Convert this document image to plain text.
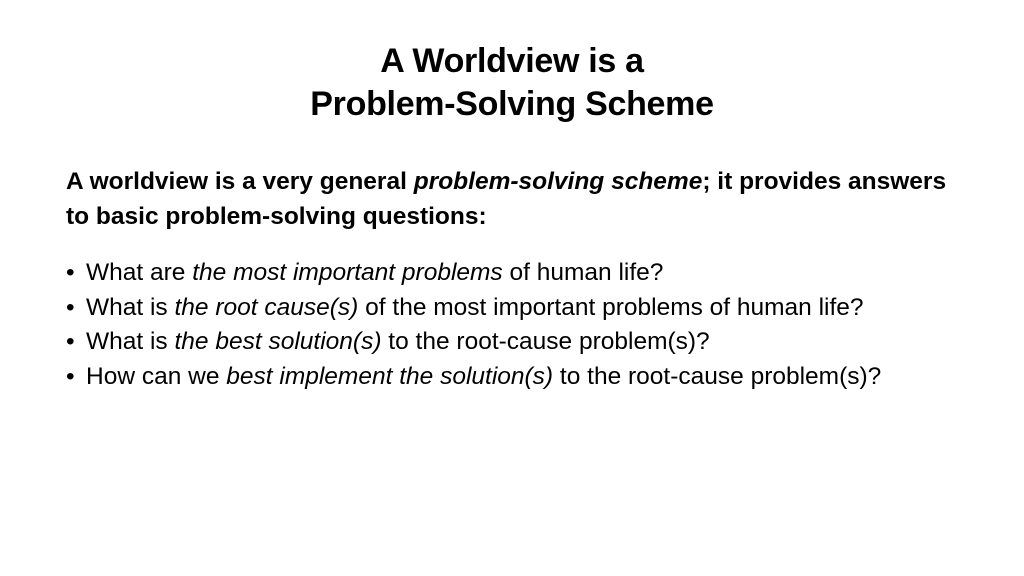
A Worldview is a
Problem-Solving Scheme
A worldview is a very general problem-solving scheme; it provides answers to basic problem-solving questions:
• What are the most important problems of human life?
• What is the root cause(s) of the most important problems of human life?
• What is the best solution(s) to the root-cause problem(s)?
• How can we best implement the solution(s) to the root-cause problem(s)?
